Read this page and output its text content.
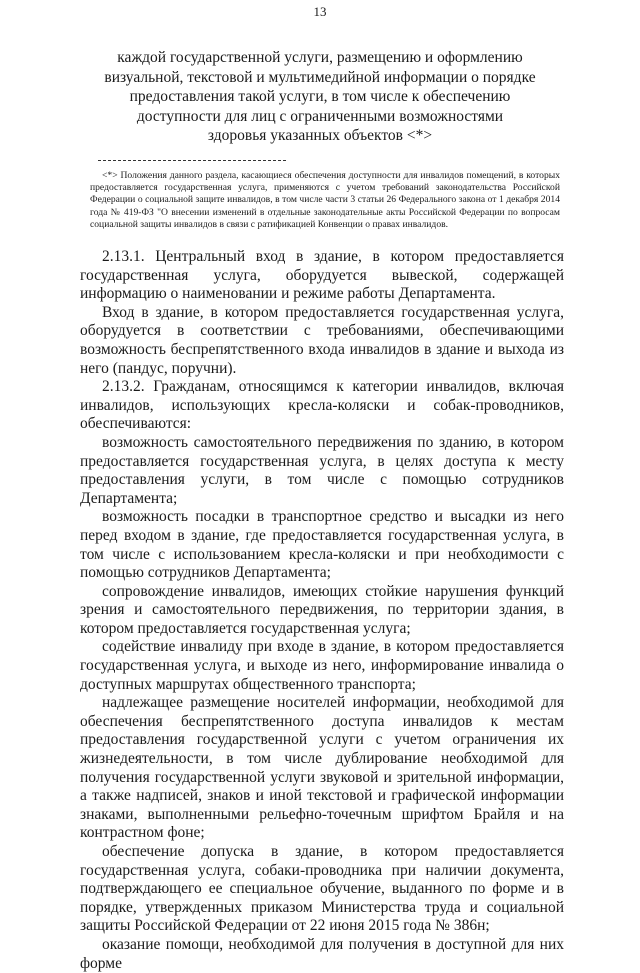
13
каждой государственной услуги, размещению и оформлению
визуальной, текстовой и мультимедийной информации о порядке
предоставления такой услуги, в том числе к обеспечению
доступности для лиц с ограниченными возможностями
здоровья указанных объектов <*>
<*> Положения данного раздела, касающиеся обеспечения доступности для инвалидов помещений, в которых предоставляется государственная услуга, применяются с учетом требований законодательства Российской Федерации о социальной защите инвалидов, в том числе части 3 статьи 26 Федерального закона от 1 декабря 2014 года № 419-ФЗ "О внесении изменений в отдельные законодательные акты Российской Федерации по вопросам социальной защиты инвалидов в связи с ратификацией Конвенции о правах инвалидов.

2.13.1. Центральный вход в здание, в котором предоставляется государственная услуга, оборудуется вывеской, содержащей информацию о наименовании и режиме работы Департамента.

Вход в здание, в котором предоставляется государственная услуга, оборудуется в соответствии с требованиями, обеспечивающими возможность беспрепятственного входа инвалидов в здание и выхода из него (пандус, поручни).

2.13.2. Гражданам, относящимся к категории инвалидов, включая инвалидов, использующих кресла-коляски и собак-проводников, обеспечиваются:

возможность самостоятельного передвижения по зданию, в котором предоставляется государственная услуга, в целях доступа к месту предоставления услуги, в том числе с помощью сотрудников Департамента;

возможность посадки в транспортное средство и высадки из него перед входом в здание, где предоставляется государственная услуга, в том числе с использованием кресла-коляски и при необходимости с помощью сотрудников Департамента;

сопровождение инвалидов, имеющих стойкие нарушения функций зрения и самостоятельного передвижения, по территории здания, в котором предоставляется государственная услуга;

содействие инвалиду при входе в здание, в котором предоставляется государственная услуга, и выходе из него, информирование инвалида о доступных маршрутах общественного транспорта;

надлежащее размещение носителей информации, необходимой для обеспечения беспрепятственного доступа инвалидов к местам предоставления государственной услуги с учетом ограничения их жизнедеятельности, в том числе дублирование необходимой для получения государственной услуги звуковой и зрительной информации, а также надписей, знаков и иной текстовой и графической информации знаками, выполненными рельефно-точечным шрифтом Брайля и на контрастном фоне;

обеспечение допуска в здание, в котором предоставляется государственная услуга, собаки-проводника при наличии документа, подтверждающего ее специальное обучение, выданного по форме и в порядке, утвержденных приказом Министерства труда и социальной защиты Российской Федерации от 22 июня 2015 года № 386н;

оказание помощи, необходимой для получения в доступной для них форме
